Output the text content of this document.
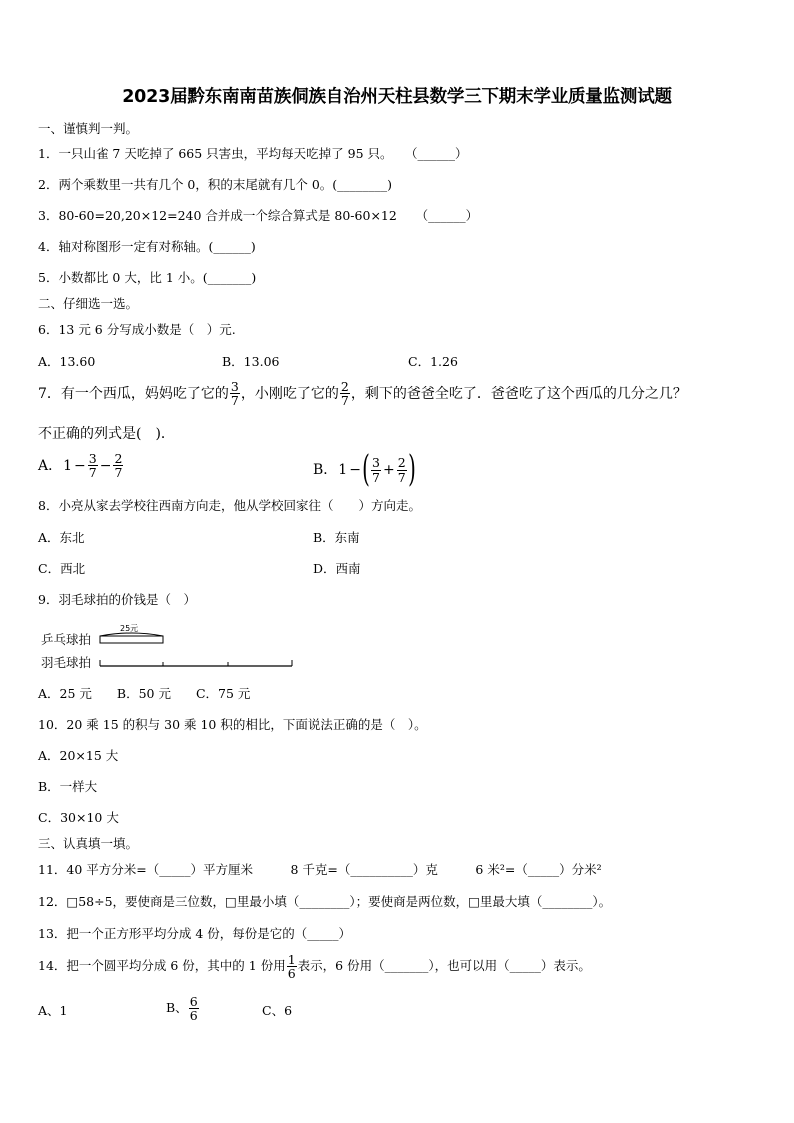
2023届黔东南南苗族侗族自治州天柱县数学三下期末学业质量监测试题
一、谨慎判一判。
1．一只山雀 7 天吃掉了 665 只害虫，平均每天吃掉了 95 只。　　（______）
2．两个乘数里一共有几个 0，积的末尾就有几个 0。(________)
3．80-60=20,20×12=240 合并成一个综合算式是 80-60×12　　（______）
4．轴对称图形一定有对称轴。(______)
5．小数都比 0 大，比 1 小。(_______)
二、仔细选一选。
6．13 元 6 分写成小数是（　）元.
A．13.60	B．13.06	C．1.26
7．有一个西瓜，妈妈吃了它的 $\frac{3}{7}$ ，小刚吃了它的 $\frac{2}{7}$ ，剩下的爸爸全吃了．爸爸吃了这个西瓜的几分之几？
不正确的列式是(　)．
A． $1 - \frac{3}{7} - \frac{2}{7}$	B． 1 − ( $\frac{3}{7} + \frac{2}{7}$ )
8．小亮从家去学校往西南方向走，他从学校回家往（　　）方向走。
A．东北	B．东南
C．西北	D．西南
9．羽毛球拍的价钱是（　）
乒乓球拍
羽毛球拍
25元
A．25 元　　B．50 元　　C．75 元
10．20 乘 15 的积与 30 乘 10 积的相比，下面说法正确的是（　）。
A．20×15 大
B．一样大
C．30×10 大
三、认真填一填。
11．40 平方分米=（_____）平方厘米　　　8 千克=（__________）克　　　6 米²=（_____）分米²
12．□58÷5，要使商是三位数，□里最小填（________）；要使商是两位数，□里最大填（________）。
13．把一个正方形平均分成 4 份，每份是它的（_____）
14．把一个圆平均分成 6 份，其中的 1 份用 $\frac{1}{6}$ 表示，6 份用（_______），也可以用（_____）表示。
A、1	B、 $\frac{6}{6}$	C、6
